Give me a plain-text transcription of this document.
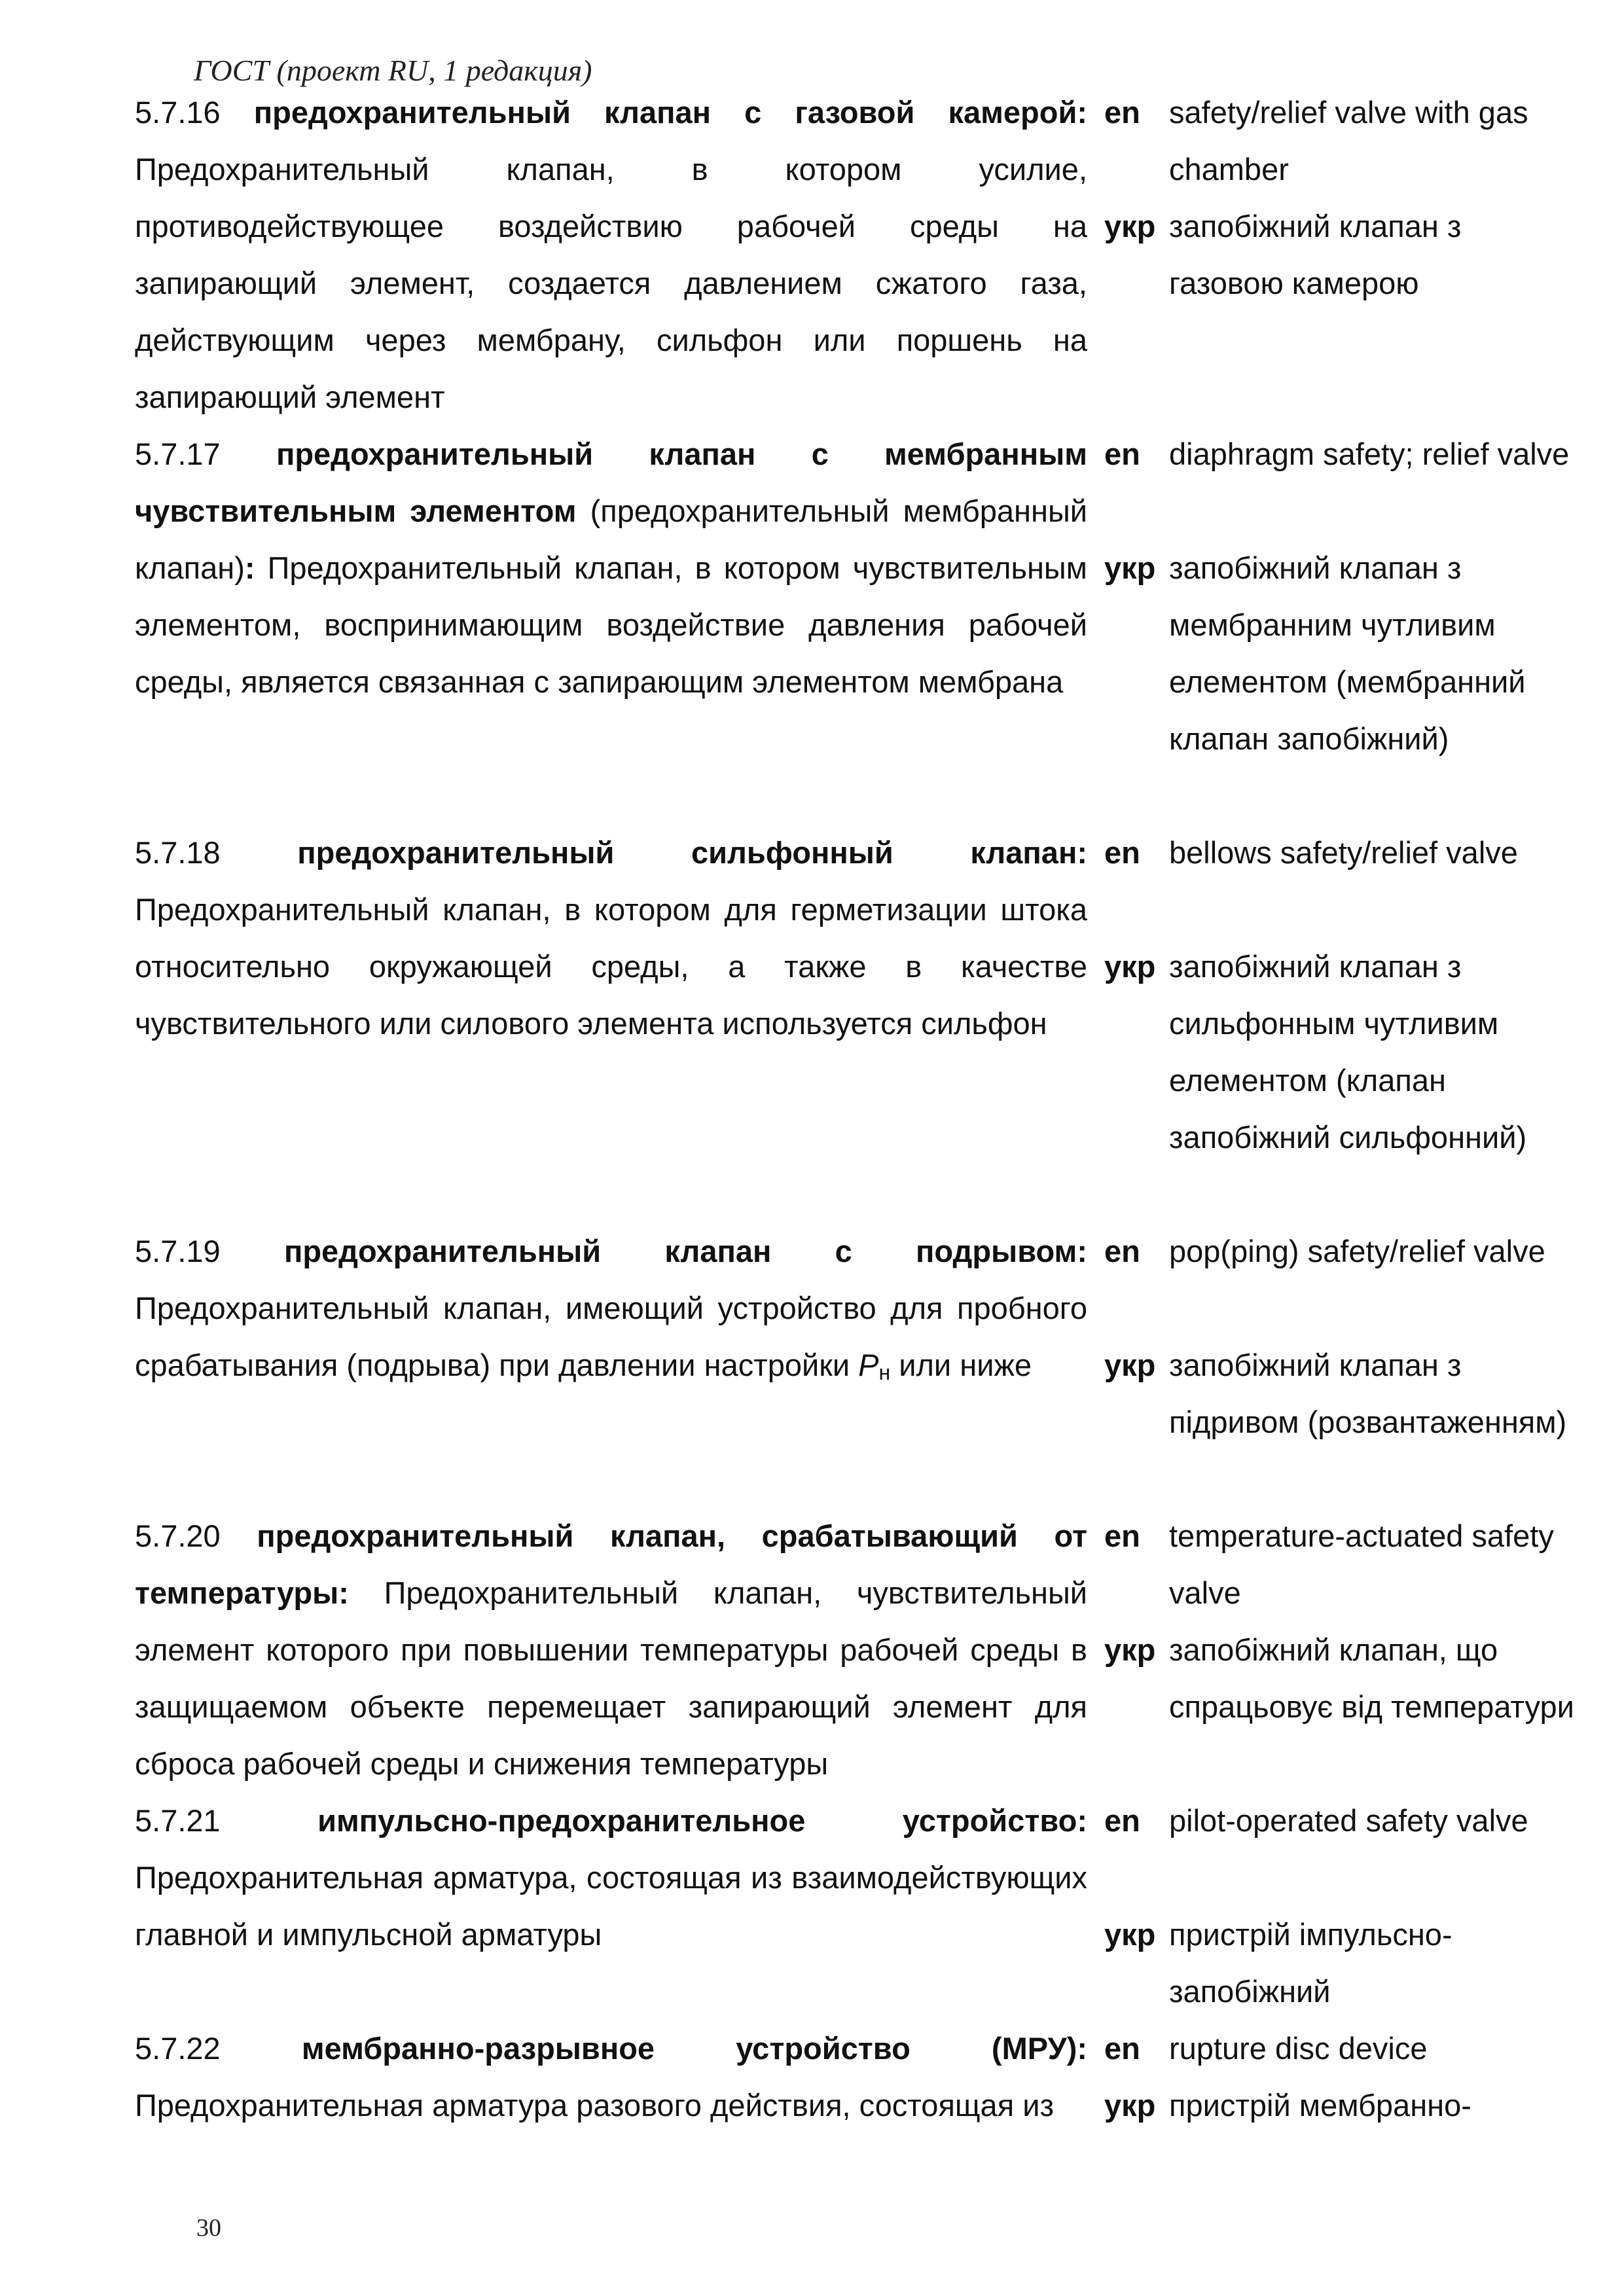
ГОСТ (проект RU, 1 редакция)
5.7.16 предохранительный клапан с газовой камерой: Предохранительный клапан, в котором усилие, противодействующее воздействию рабочей среды на запирающий элемент, создается давлением сжатого газа, действующим через мембрану, сильфон или поршень на запирающий элемент
en safety/relief valve with gas chamber
укр запобіжний клапан з газовою камерою
5.7.17 предохранительный клапан с мембранным чувствительным элементом (предохранительный мембранный клапан): Предохранительный клапан, в котором чувствительным элементом, воспринимающим воздействие давления рабочей среды, является связанная с запирающим элементом мембрана
en diaphragm safety; relief valve
укр запобіжний клапан з мембранним чутливим елементом (мембранний клапан запобіжний)
5.7.18	предохранительный сильфонный клапан: Предохранительный клапан, в котором для герметизации штока относительно окружающей среды, а также в качестве чувствительного или силового элемента используется сильфон
en bellows safety/relief valve
укр запобіжний клапан з сильфонным чутливим елементом (клапан запобіжний сильфонний)
5.7.19 предохранительный клапан с подрывом: Предохранительный клапан, имеющий устройство для пробного срабатывания (подрыва) при давлении настройки Pн или ниже
en pop(ping) safety/relief valve
укр запобіжний клапан з підривом (розвантаженням)
5.7.20 предохранительный клапан, срабатывающий от температуры: Предохранительный клапан, чувствительный элемент которого при повышении температуры рабочей среды в защищаемом объекте перемещает запирающий элемент для сброса рабочей среды и снижения температуры
en temperature-actuated safety valve
укр запобіжний клапан, що спрацьовує від температури
5.7.21	импульсно-предохранительное устройство: Предохранительная арматура, состоящая из взаимодействующих главной и импульсной арматуры
en pilot-operated safety valve
укр пристрій імпульсно-запобіжний
5.7.22	мембранно-разрывное устройство (МРУ): Предохранительная арматура разового действия, состоящая из
en rupture disc device
укр пристрій мембранно-
30
